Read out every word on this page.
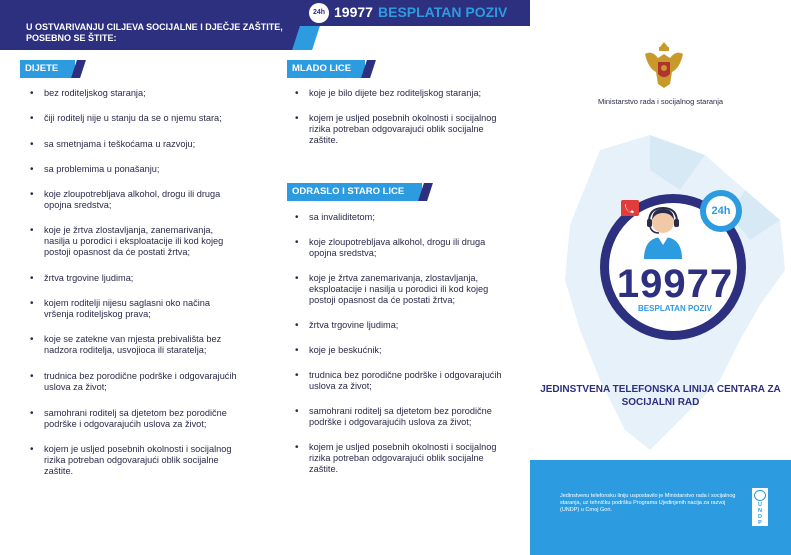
U OSTVARIVANJU CILJEVA SOCIJALNE I DJEČJE ZAŠTITE, POSEBNO SE ŠTITE:
24h 19977 BESPLATAN POZIV
DIJETE
• bez roditeljskog staranja;
• čiji roditelj nije u stanju da se o njemu stara;
• sa smetnjama i teškoćama u razvoju;
• sa problemima u ponašanju;
• koje zloupotrebljava alkohol, drogu ili druga opojna sredstva;
• koje je žrtva zlostavljanja, zanemarivanja, nasilja u porodici i eksploatacije ili kod kojeg postoji opasnost da će postati žrtva;
• žrtva trgovine ljudima;
• kojem roditelji nijesu saglasni oko načina vršenja roditeljskog prava;
• koje se zatekne van mjesta prebivališta bez nadzora roditelja, usvojioca ili staratelja;
• trudnica bez porodične podrške i odgovarajućih uslova za život;
• samohrani roditelj sa djetetom bez porodične podrške i odgovarajućih uslova za život;
• kojem je usljed posebnih okolnosti i socijalnog rizika potreban odgovarajući oblik socijalne zaštite.
MLADO LICE
• koje je bilo dijete bez roditeljskog staranja;
• kojem je usljed posebnih okolnosti i socijalnog rizika potreban odgovarajući oblik socijalne zaštite.
ODRASLO I STARO LICE
• sa invaliditetom;
• koje zloupotrebljava alkohol, drogu ili druga opojna sredstva;
• koje je žrtva zanemarivanja, zlostavljanja, eksploatacije i nasilja u porodici ili kod kojeg postoji opasnost da će postati žrtva;
• žrtva trgovine ljudima;
• koje je beskućnik;
• trudnica bez porodične podrške i odgovarajućih uslova za život;
• samohrani roditelj sa djetetom bez porodične podrške i odgovarajućih uslova za život;
• kojem je usljed posebnih okolnosti i socijalnog rizika potreban odgovarajući oblik socijalne zaštite.
Ministarstvo rada i socijalnog staranja
24h
19977
BESPLATAN POZIV
JEDINSTVENA TELEFONSKA LINIJA CENTARA ZA SOCIJALNI RAD
Jedinstvenu telefonsku liniju uspostavilo je Ministarstvo rada i socijalnog staranja, uz tehničku podršku Programa Ujedinjenih nacija za razvoj (UNDP) u Crnoj Gori.
U
N
D
P
